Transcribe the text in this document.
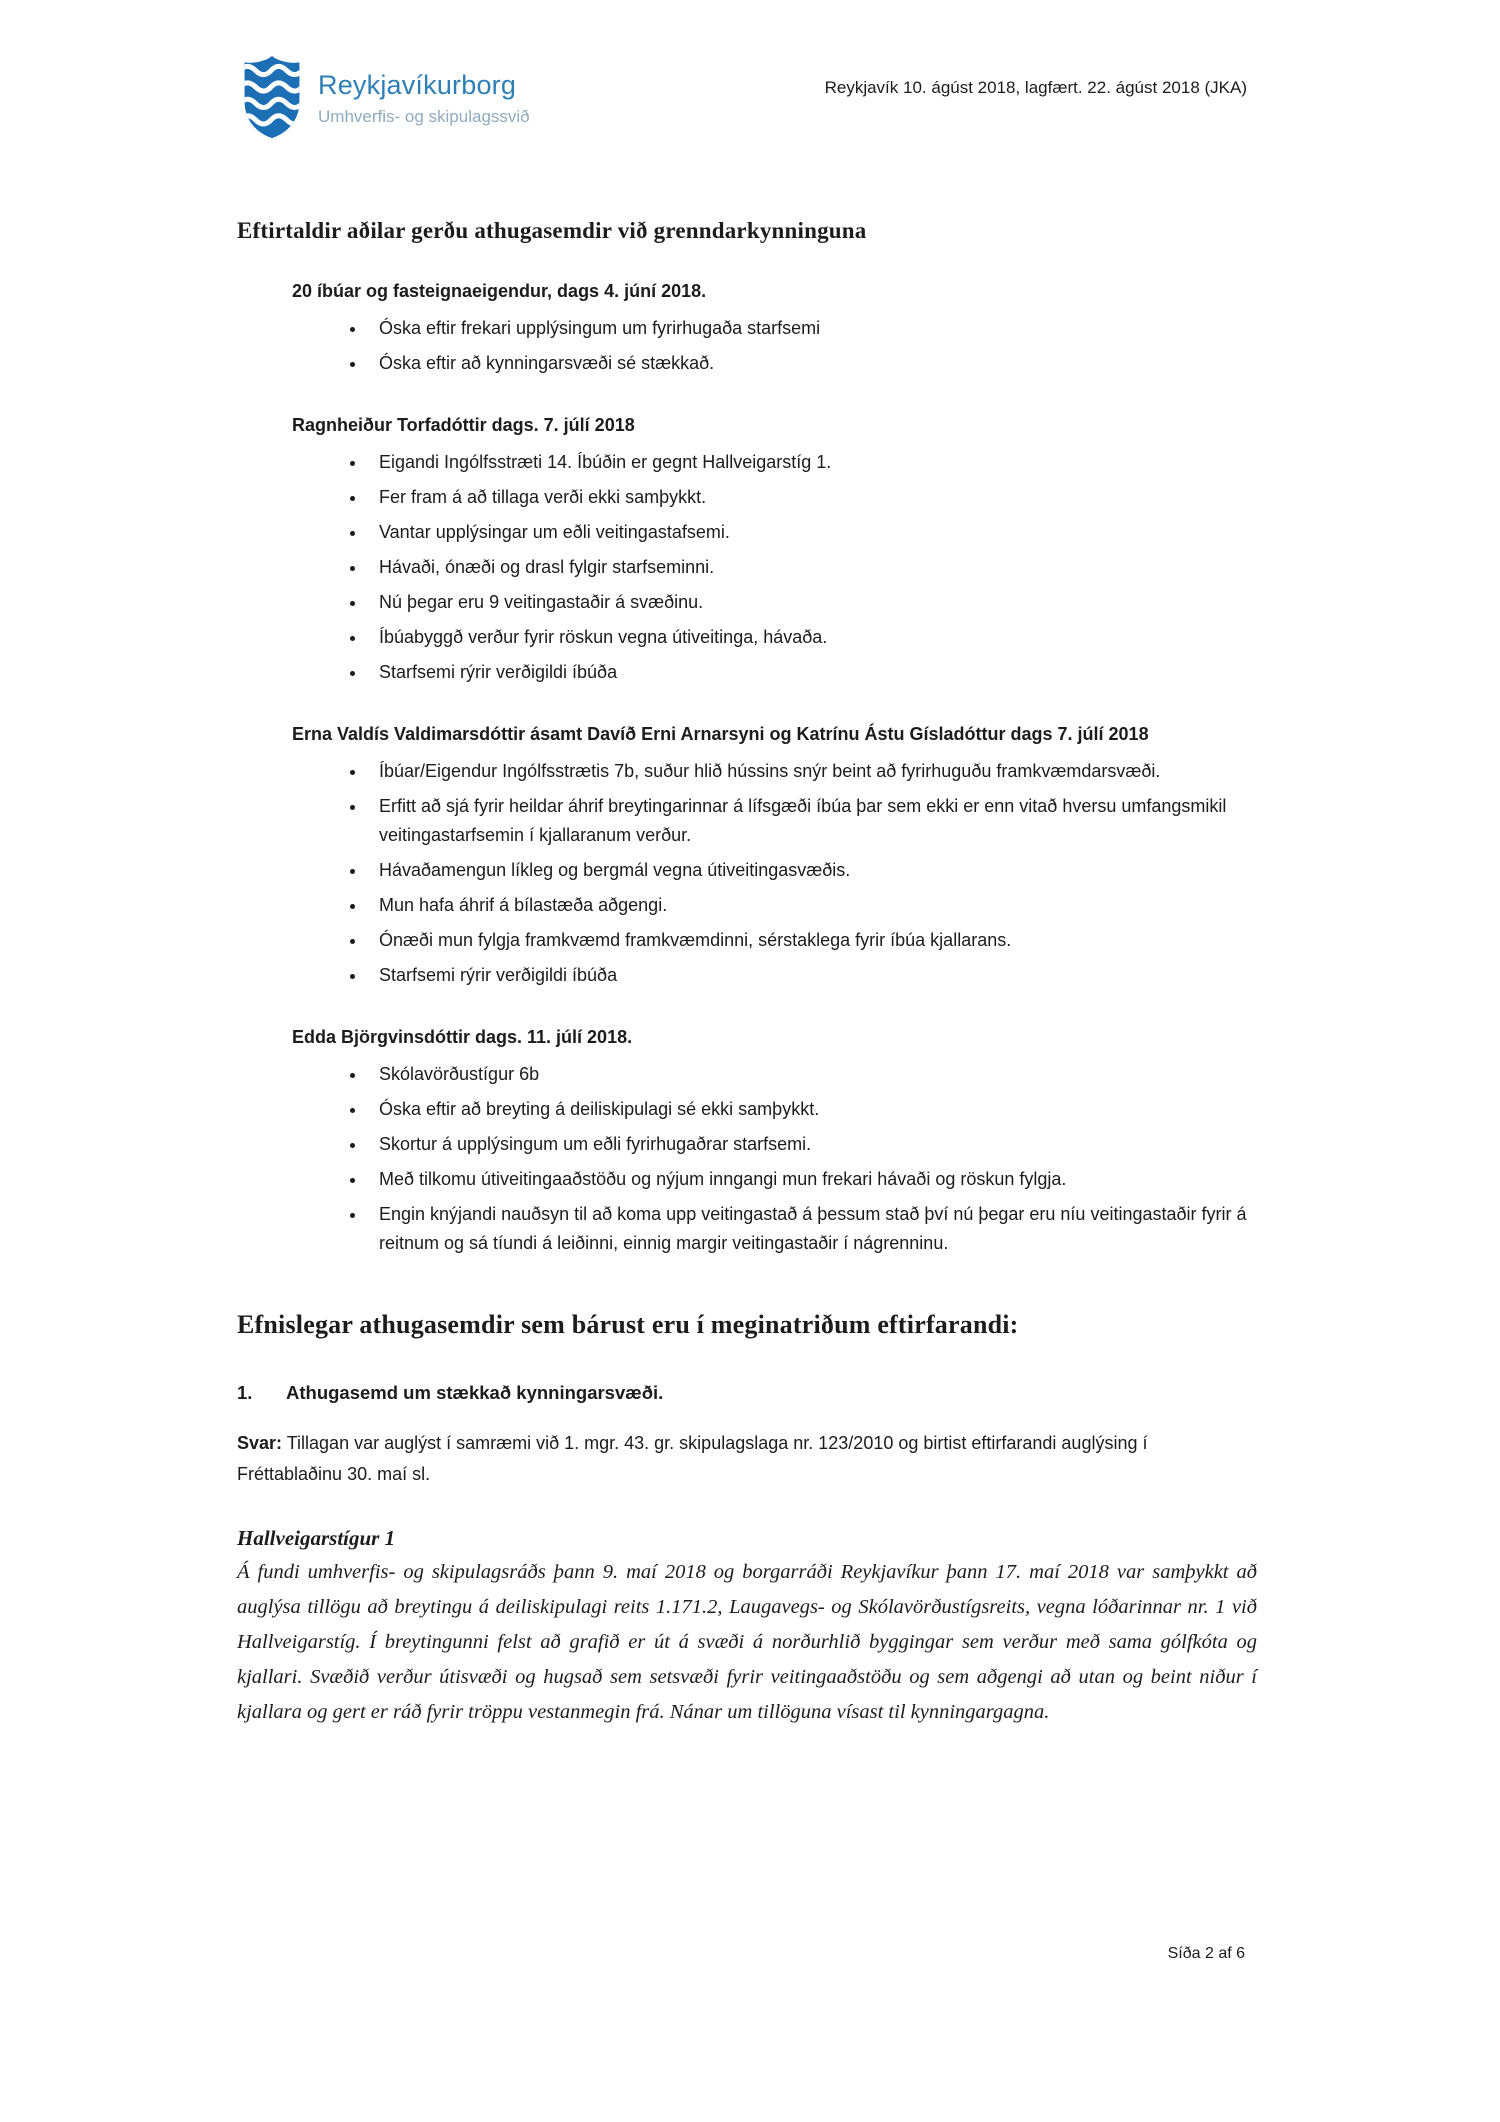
Reykjavíkurborg
Umhverfis- og skipulagssvið
Reykjavík 10. ágúst 2018, lagfært. 22. ágúst 2018 (JKA)
Eftirtaldir aðilar gerðu athugasemdir við grenndarkynninguna
20 íbúar og fasteignaeigendur, dags 4. júní 2018.
• Óska eftir frekari upplýsingum um fyrirhugaða starfsemi
• Óska eftir að kynningarsvæði sé stækkað.
Ragnheiður Torfadóttir dags. 7. júlí 2018
• Eigandi Ingólfsstræti 14. Íbúðin er gegnt Hallveigarstíg 1.
• Fer fram á að tillaga verði ekki samþykkt.
• Vantar upplýsingar um eðli veitingastafsemi.
• Hávaði, ónæði og drasl fylgir starfseminni.
• Nú þegar eru 9 veitingastaðir á svæðinu.
• Íbúabyggð verður fyrir röskun vegna útiveitinga, hávaða.
• Starfsemi rýrir verðigildi íbúða
Erna Valdís Valdimarsdóttir ásamt Davíð Erni Arnarsyni og Katrínu Ástu Gísladóttur dags 7. júlí 2018
• Íbúar/Eigendur Ingólfsstrætis 7b, suður hlið hússins snýr beint að fyrirhuguðu framkvæmdarsvæði.
• Erfitt að sjá fyrir heildar áhrif breytingarinnar á lífsgæði íbúa þar sem ekki er enn vitað hversu umfangsmikil veitingastarfsemin í kjallaranum verður.
• Hávaðamengun líkleg og bergmál vegna útiveitingasvæðis.
• Mun hafa áhrif á bílastæða aðgengi.
• Ónæði mun fylgja framkvæmd framkvæmdinni, sérstaklega fyrir íbúa kjallarans.
• Starfsemi rýrir verðigildi íbúða
Edda Björgvinsdóttir dags. 11. júlí 2018.
• Skólavörðustígur 6b
• Óska eftir að breyting á deiliskipulagi sé ekki samþykkt.
• Skortur á upplýsingum um eðli fyrirhugaðrar starfsemi.
• Með tilkomu útiveitingaaðstöðu og nýjum inngangi mun frekari hávaði og röskun fylgja.
• Engin knýjandi nauðsyn til að koma upp veitingastað á þessum stað því nú þegar eru níu veitingastaðir fyrir á reitnum og sá tíundi á leiðinni, einnig margir veitingastaðir í nágrenninu.
Efnislegar athugasemdir sem bárust eru í meginatriðum eftirfarandi:
1.	Athugasemd um stækkað kynningarsvæði.

Svar: Tillagan var auglýst í samræmi við 1. mgr. 43. gr. skipulagslaga nr. 123/2010 og birtist eftirfarandi auglýsing í Fréttablaðinu 30. maí sl.

Hallveigarstígur 1

Á fundi umhverfis- og skipulagsráðs þann 9. maí 2018 og borgarráði Reykjavíkur þann 17. maí 2018 var samþykkt að auglýsa tillögu að breytingu á deiliskipulagi reits 1.171.2, Laugavegs- og Skólavörðustígsreits, vegna lóðarinnar nr. 1 við Hallveigarstíg. Í breytingunni felst að grafið er út á svæði á norðurhlið byggingar sem verður með sama gólfkóta og kjallari. Svæðið verður útisvæði og hugsað sem setsvæði fyrir veitingaaðstöðu og sem aðgengi að utan og beint niður í kjallara og gert er ráð fyrir tröppu vestanmegin frá. Nánar um tillöguna vísast til kynningargagna.

Síða 2 af 6
